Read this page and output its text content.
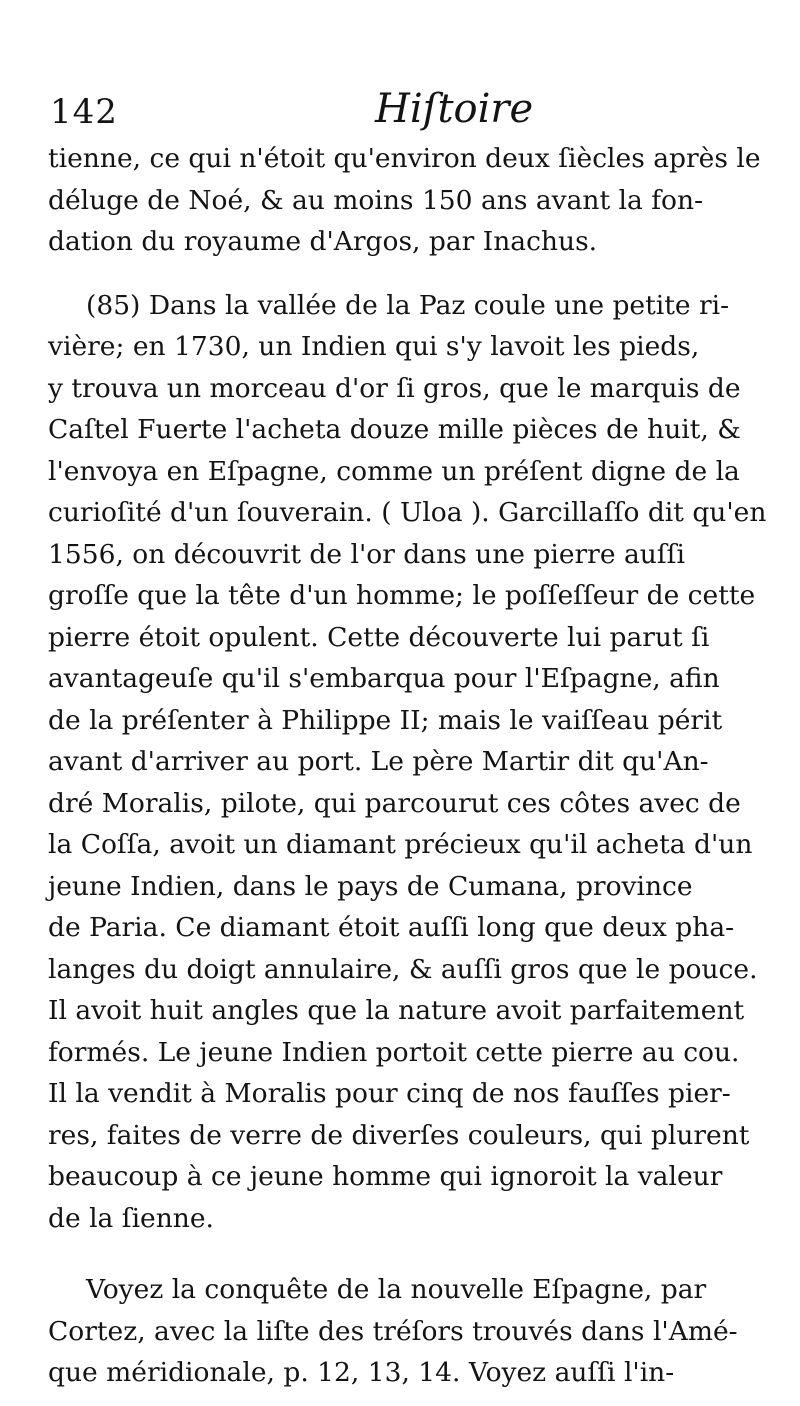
142	Hiſtoire
tienne, ce qui n'étoit qu'environ deux ſiècles après le
déluge de Noé, & au moins 150 ans avant la fon-
dation du royaume d'Argos, par Inachus.
(85) Dans la vallée de la Paz coule une petite ri-
vière; en 1730, un Indien qui s'y lavoit les pieds,
y trouva un morceau d'or ſi gros, que le marquis de
Caſtel Fuerte l'acheta douze mille pièces de huit, &
l'envoya en Eſpagne, comme un préſent digne de la
curioſité d'un ſouverain. ( Uloa ). Garcillaſſo dit qu'en
1556, on découvrit de l'or dans une pierre auſſi
groſſe que la tête d'un homme; le poſſeſſeur de cette
pierre étoit opulent. Cette découverte lui parut ſi
avantageuſe qu'il s'embarqua pour l'Eſpagne, afin
de la préſenter à Philippe II; mais le vaiſſeau périt
avant d'arriver au port. Le père Martir dit qu'An-
dré Moralis, pilote, qui parcourut ces côtes avec de
la Coſſa, avoit un diamant précieux qu'il acheta d'un
jeune Indien, dans le pays de Cumana, province
de Paria. Ce diamant étoit auſſi long que deux pha-
langes du doigt annulaire, & auſſi gros que le pouce.
Il avoit huit angles que la nature avoit parfaitement
formés. Le jeune Indien portoit cette pierre au cou.
Il la vendit à Moralis pour cinq de nos fauſſes pier-
res, faites de verre de diverſes couleurs, qui plurent
beaucoup à ce jeune homme qui ignoroit la valeur
de la ſienne.
Voyez la conquête de la nouvelle Eſpagne, par
Cortez, avec la liſte des tréſors trouvés dans l'Amé-
que méridionale, p. 12, 13, 14. Voyez auſſi l'in-
